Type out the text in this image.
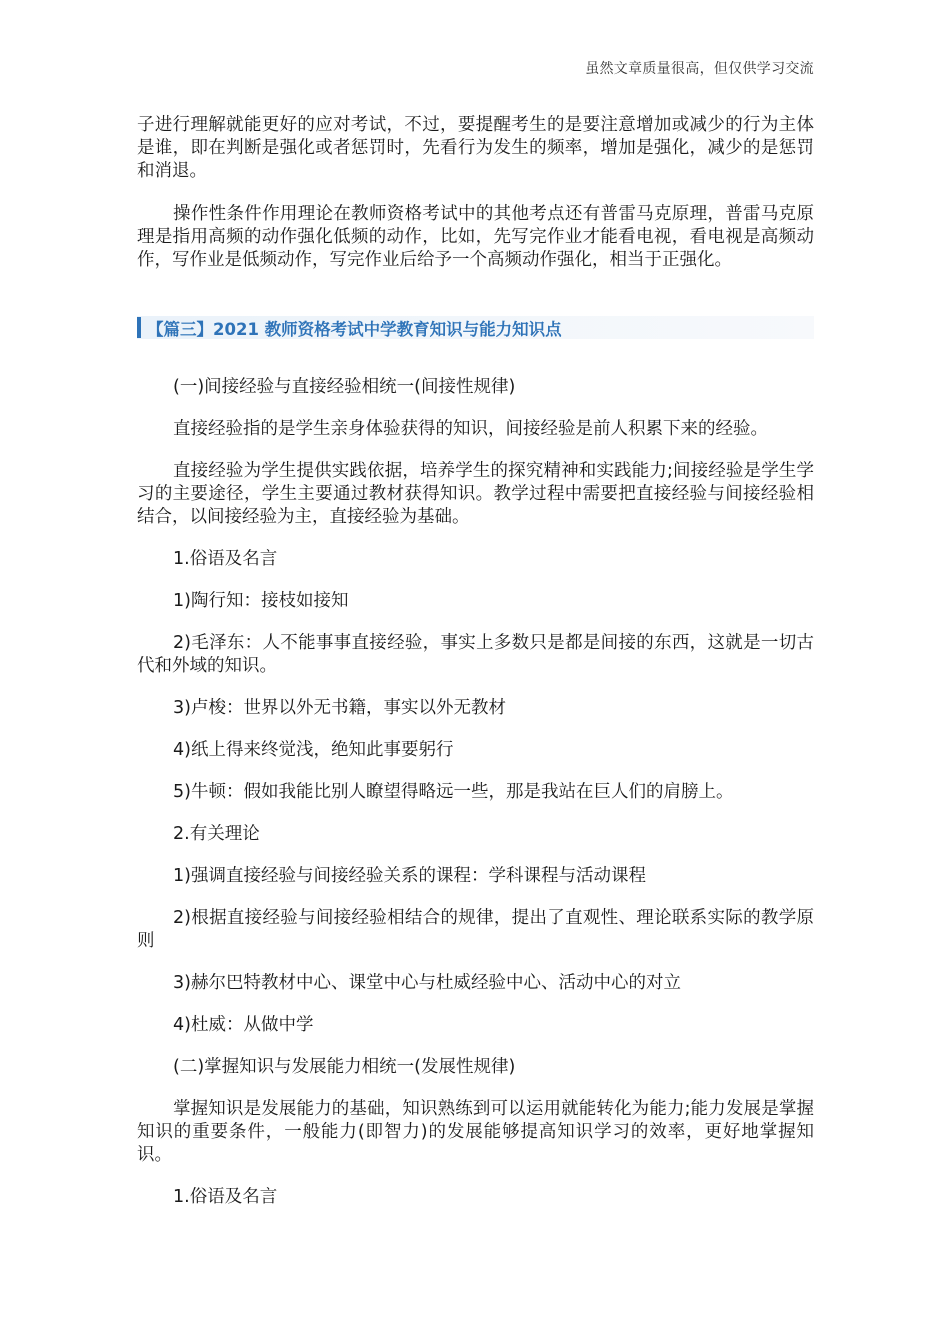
虽然文章质量很高，但仅供学习交流

子进行理解就能更好的应对考试，不过，要提醒考生的是要注意增加或减少的行为主体是谁，即在判断是强化或者惩罚时，先看行为发生的频率，增加是强化，减少的是惩罚和消退。

操作性条件作用理论在教师资格考试中的其他考点还有普雷马克原理，普雷马克原理是指用高频的动作强化低频的动作，比如，先写完作业才能看电视，看电视是高频动作，写作业是低频动作，写完作业后给予一个高频动作强化，相当于正强化。

【篇三】2021 教师资格考试中学教育知识与能力知识点

(一)间接经验与直接经验相统一(间接性规律)

直接经验指的是学生亲身体验获得的知识，间接经验是前人积累下来的经验。

直接经验为学生提供实践依据，培养学生的探究精神和实践能力;间接经验是学生学习的主要途径，学生主要通过教材获得知识。教学过程中需要把直接经验与间接经验相结合，以间接经验为主，直接经验为基础。

1.俗语及名言

1)陶行知：接枝如接知

2)毛泽东：人不能事事直接经验，事实上多数只是都是间接的东西，这就是一切古代和外域的知识。

3)卢梭：世界以外无书籍，事实以外无教材

4)纸上得来终觉浅，绝知此事要躬行

5)牛顿：假如我能比别人瞭望得略远一些，那是我站在巨人们的肩膀上。

2.有关理论

1)强调直接经验与间接经验关系的课程：学科课程与活动课程

2)根据直接经验与间接经验相结合的规律，提出了直观性、理论联系实际的教学原则

3)赫尔巴特教材中心、课堂中心与杜威经验中心、活动中心的对立

4)杜威：从做中学

(二)掌握知识与发展能力相统一(发展性规律)

掌握知识是发展能力的基础，知识熟练到可以运用就能转化为能力;能力发展是掌握知识的重要条件，一般能力(即智力)的发展能够提高知识学习的效率，更好地掌握知识。

1.俗语及名言
